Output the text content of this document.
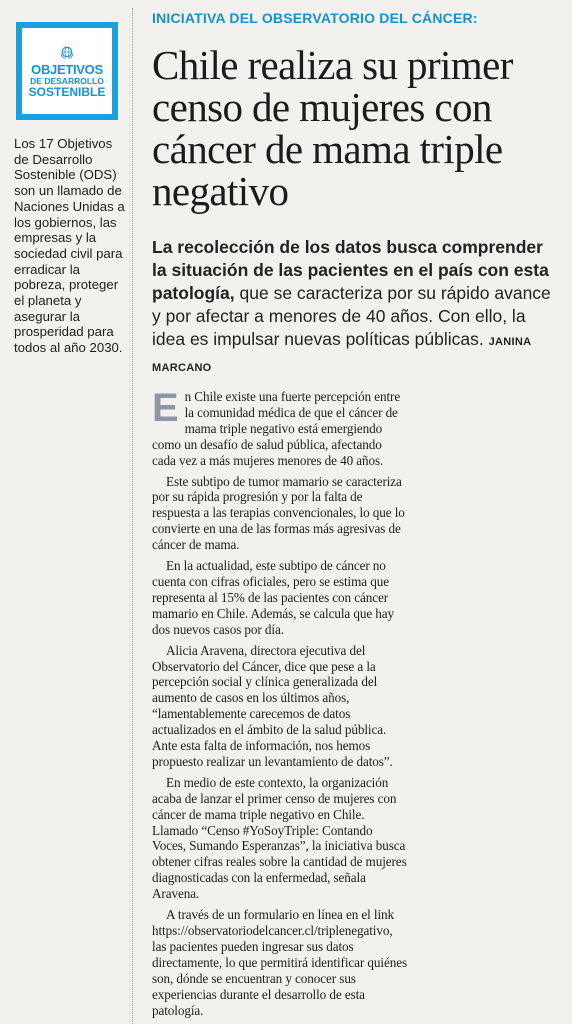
OBJETIVOS
DE DESARROLLO
SOSTENIBLE

Los 17 Objetivos de Desarrollo Sostenible (ODS) son un llamado de Naciones Unidas a los gobiernos, las empresas y la sociedad civil para erradicar la pobreza, proteger el planeta y asegurar la prosperidad para todos al año 2030.

INICIATIVA DEL OBSERVATORIO DEL CÁNCER:
Chile realiza su primer censo de mujeres con cáncer de mama triple negativo

La recolección de los datos busca comprender la situación de las pacientes en el país con esta patología, que se caracteriza por su rápido avance y por afectar a menores de 40 años. Con ello, la idea es impulsar nuevas políticas públicas. JANINA MARCANO

En Chile existe una fuerte percepción entre la comunidad médica de que el cáncer de mama triple negativo está emergiendo como un desafío de salud pública, afectando cada vez a más mujeres menores de 40 años.

Este subtipo de tumor mamario se caracteriza por su rápida progresión y por la falta de respuesta a las terapias convencionales, lo que lo convierte en una de las formas más agresivas de cáncer de mama.

En la actualidad, este subtipo de cáncer no cuenta con cifras oficiales, pero se estima que representa al 15% de las pacientes con cáncer mamario en Chile. Además, se calcula que hay dos nuevos casos por día.

Alicia Aravena, directora ejecutiva del Observatorio del Cáncer, dice que pese a la percepción social y clínica generalizada del aumento de casos en los últimos años, “lamentablemente carecemos de datos actualizados en el ámbito de la salud pública. Ante esta falta de información, nos hemos propuesto realizar un levantamiento de datos”.

En medio de este contexto, la organización acaba de lanzar el primer censo de mujeres con cáncer de mama triple negativo en Chile. Llamado “Censo #YoSoyTriple: Contando Voces, Sumando Esperanzas”, la iniciativa busca obtener cifras reales sobre la cantidad de mujeres diagnosticadas con la enfermedad, señala Aravena.

A través de un formulario en línea en el link https://observatoriodelcancer.cl/triplenegativo, las pacientes pueden ingresar sus datos directamente, lo que permitirá identificar quiénes son, dónde se encuentran y conocer sus experiencias durante el desarrollo de esta patología.
